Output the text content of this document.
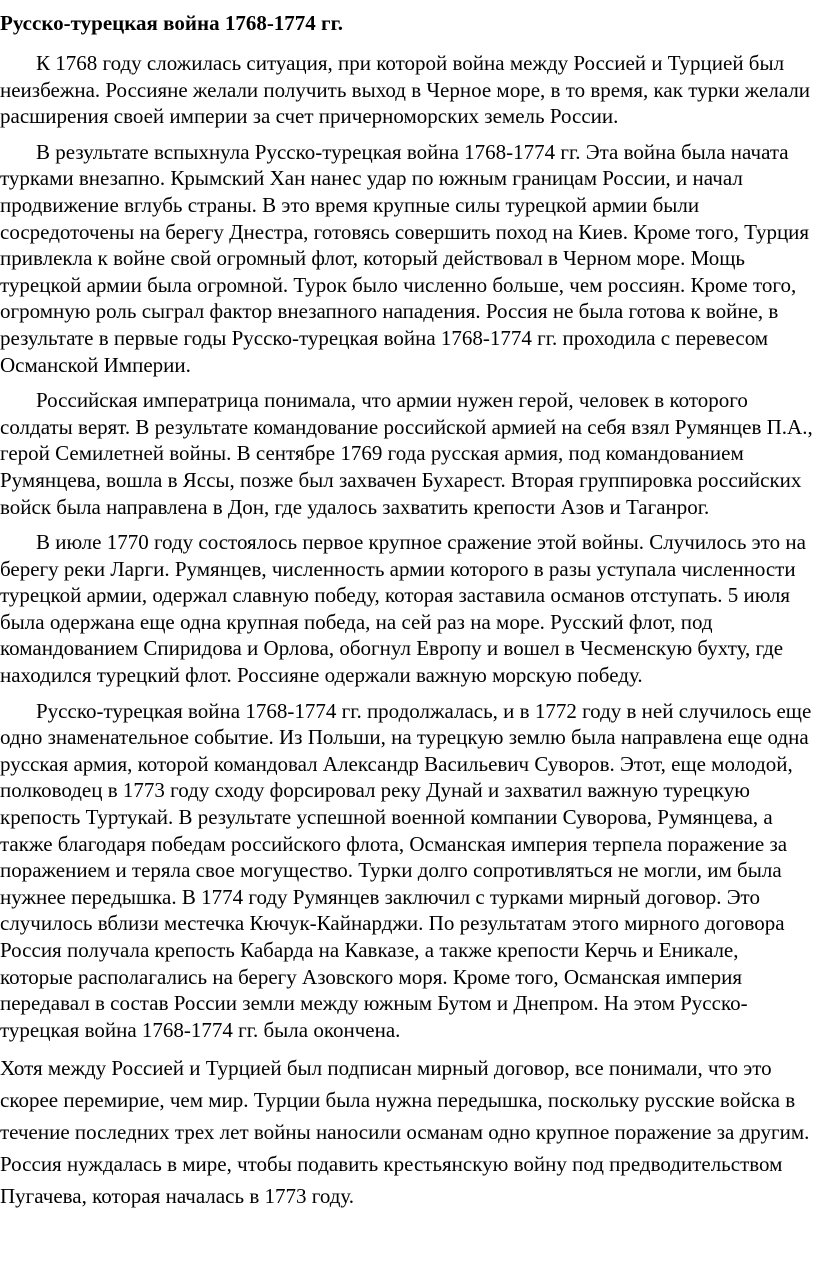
Русско-турецкая война 1768-1774 гг.

К 1768 году сложилась ситуация, при которой война между Россией и Турцией был неизбежна. Россияне желали получить выход в Черное море, в то время, как турки желали расширения своей империи за счет причерноморских земель России.

В результате вспыхнула Русско-турецкая война 1768-1774 гг. Эта война была начата турками внезапно. Крымский Хан нанес удар по южным границам России, и начал продвижение вглубь страны. В это время крупные силы турецкой армии были сосредоточены на берегу Днестра, готовясь совершить поход на Киев. Кроме того, Турция привлекла к войне свой огромный флот, который действовал в Черном море. Мощь турецкой армии была огромной. Турок было численно больше, чем россиян. Кроме того, огромную роль сыграл фактор внезапного нападения. Россия не была готова к войне, в результате в первые годы Русско-турецкая война 1768-1774 гг. проходила с перевесом Османской Империи.

Российская императрица понимала, что армии нужен герой, человек в которого солдаты верят. В результате командование российской армией на себя взял Румянцев П.А., герой Семилетней войны. В сентябре 1769 года русская армия, под командованием Румянцева, вошла в Яссы, позже был захвачен Бухарест. Вторая группировка российских войск была направлена в Дон, где удалось захватить крепости Азов и Таганрог.

В июле 1770 году состоялось первое крупное сражение этой войны. Случилось это на берегу реки Ларги. Румянцев, численность армии которого в разы уступала численности турецкой армии, одержал славную победу, которая заставила османов отступать. 5 июля была одержана еще одна крупная победа, на сей раз на море. Русский флот, под командованием Спиридова и Орлова, обогнул Европу и вошел в Чесменскую бухту, где находился турецкий флот. Россияне одержали важную морскую победу.

Русско-турецкая война 1768-1774 гг. продолжалась, и в 1772 году в ней случилось еще одно знаменательное событие. Из Польши, на турецкую землю была направлена еще одна русская армия, которой командовал Александр Васильевич Суворов. Этот, еще молодой, полководец в 1773 году сходу форсировал реку Дунай и захватил важную турецкую крепость Туртукай. В результате успешной военной компании Суворова, Румянцева, а также благодаря победам российского флота, Османская империя терпела поражение за поражением и теряла свое могущество. Турки долго сопротивляться не могли, им была нужнее передышка. В 1774 году Румянцев заключил с турками мирный договор. Это случилось вблизи местечка Кючук-Кайнарджи. По результатам этого мирного договора Россия получала крепость Кабарда на Кавказе, а также крепости Керчь и Еникале, которые располагались на берегу Азовского моря. Кроме того, Османская империя передавал в состав России земли между южным Бутом и Днепром. На этом Русско-турецкая война 1768-1774 гг. была окончена.

Хотя между Россией и Турцией был подписан мирный договор, все понимали, что это скорее перемирие, чем мир. Турции была нужна передышка, поскольку русские войска в течение последних трех лет войны наносили османам одно крупное поражение за другим. Россия нуждалась в мире, чтобы подавить крестьянскую войну под предводительством Пугачева, которая началась в 1773 году.
